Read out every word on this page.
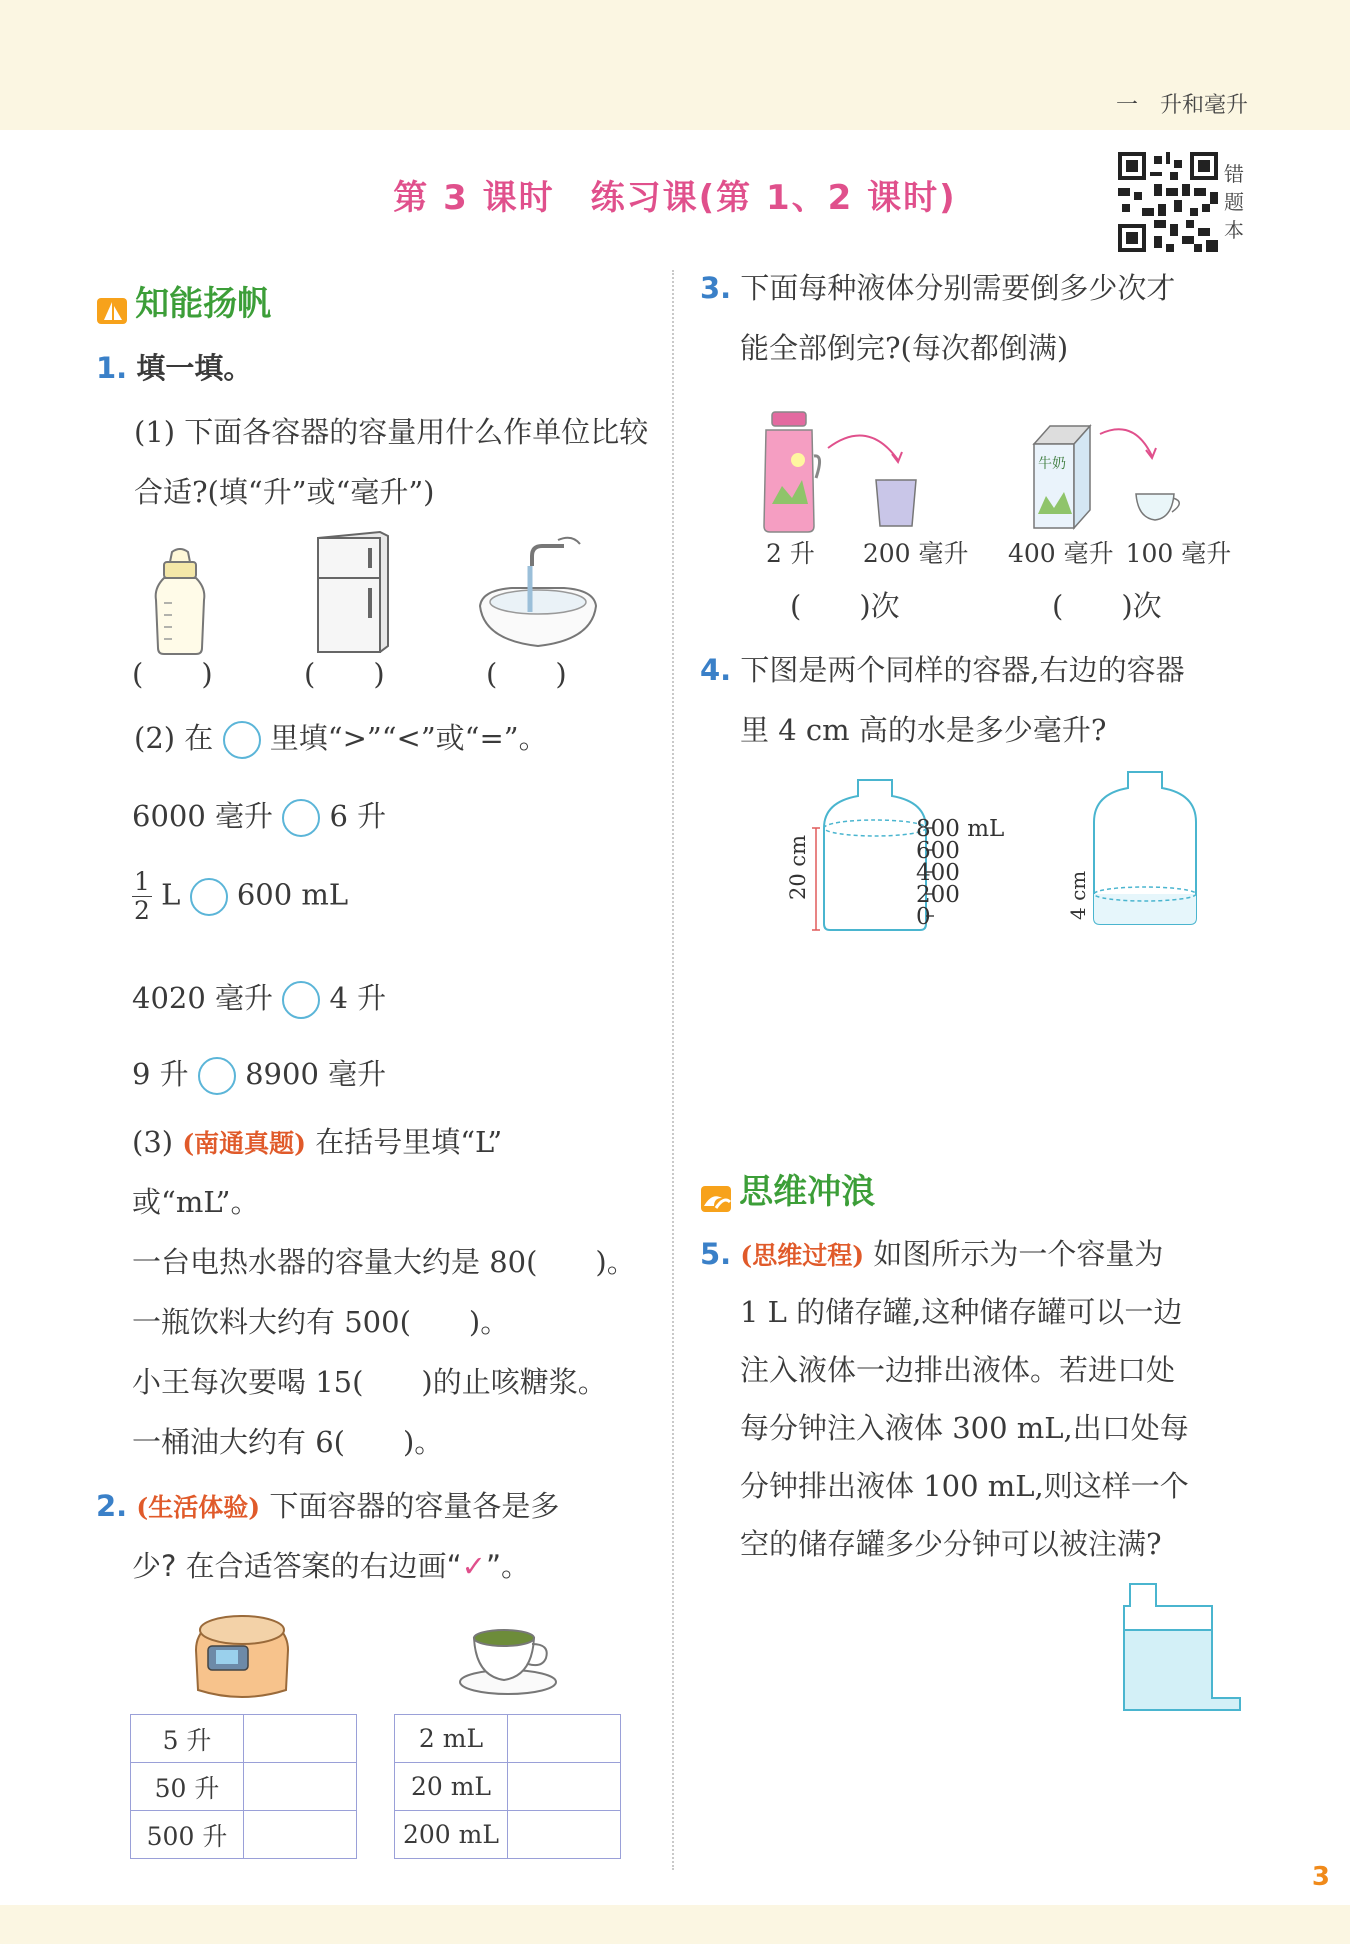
一　升和毫升
第 3 课时　练习课(第 1、2 课时)
错题本
知能扬帆
1. 填一填。
(1) 下面各容器的容量用什么作单位比较合适?(填“升”或“毫升”)
(　　)	(　　)	(　　)
(2) 在 里填“>”“<”或“=”。
6000 毫升 6 升
$\frac{1}{2}$ L 600 mL
4020 毫升 4 升
9 升 8900 毫升
(3) (南通真题) 在括号里填“L”
或“mL”。
一台电热水器的容量大约是 80(　　)。
一瓶饮料大约有 500(　　)。
小王每次要喝 15(　　)的止咳糖浆。
一桶油大约有 6(　　)。
2. (生活体验) 下面容器的容量各是多
少? 在合适答案的右边画“✓”。
5 升	
50 升	
500 升	
2 mL	
20 mL	
200 mL	
3. 下面每种液体分别需要倒多少次才
能全部倒完?(每次都倒满)
牛奶
2 升 200 毫升 400 毫升 100 毫升
(　　)次	(　　)次
4. 下图是两个同样的容器,右边的容器
里 4 cm 高的水是多少毫升?
20 cm
800 mL
600
400
200
0	4 cm
思维冲浪
5. (思维过程) 如图所示为一个容量为
1 L 的储存罐,这种储存罐可以一边
注入液体一边排出液体。若进口处
每分钟注入液体 300 mL,出口处每
分钟排出液体 100 mL,则这样一个
空的储存罐多少分钟可以被注满?
3
